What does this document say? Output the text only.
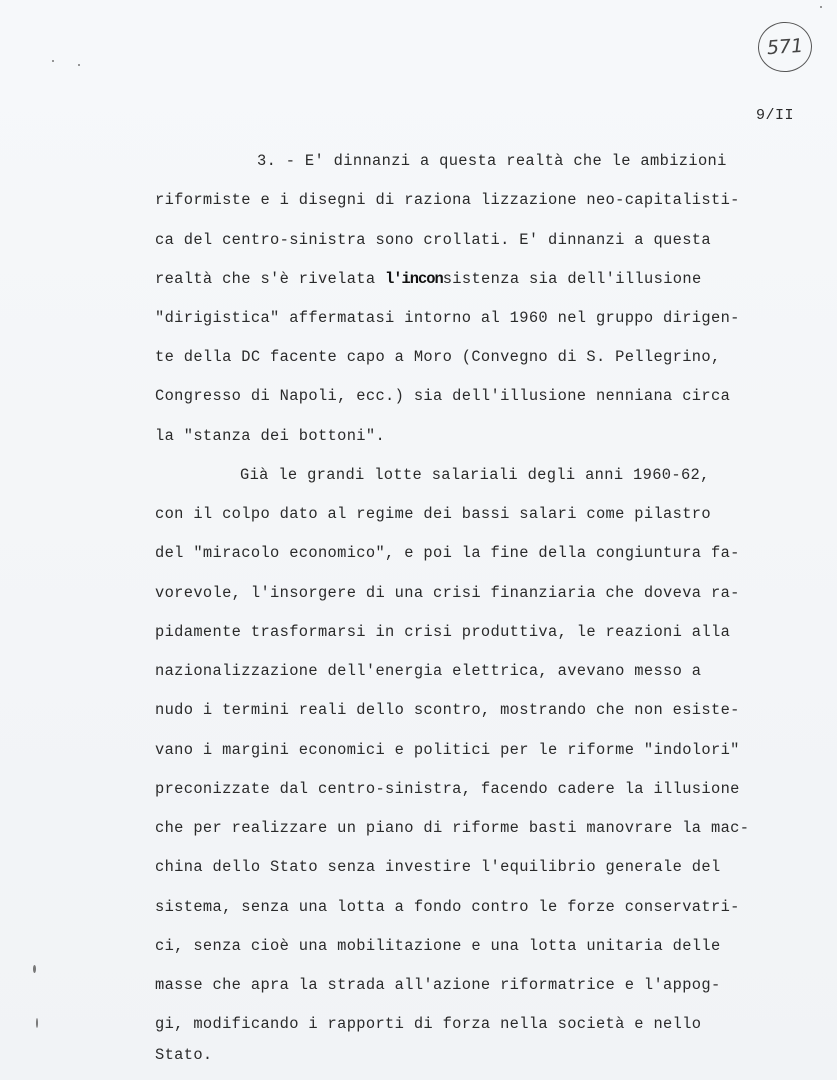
571
9/II
3. - E' dinnanzi a questa realtà che le ambizioni
riformiste e i disegni di raziona lizzazione neo-capitalisti-
ca del centro-sinistra sono crollati. E' dinnanzi a questa
realtà che s'è rivelata l'inconsistenza sia dell'illusione
"dirigistica" affermatasi intorno al 1960 nel gruppo dirigen-
te della DC facente capo a Moro (Convegno di S. Pellegrino,
Congresso di Napoli, ecc.) sia dell'illusione nenniana circa
la "stanza dei bottoni".
Già le grandi lotte salariali degli anni 1960-62,
con il colpo dato al regime dei bassi salari come pilastro
del "miracolo economico", e poi la fine della congiuntura fa-
vorevole, l'insorgere di una crisi finanziaria che doveva ra-
pidamente trasformarsi in crisi produttiva, le reazioni alla
nazionalizzazione dell'energia elettrica, avevano messo a
nudo i termini reali dello scontro, mostrando che non esiste-
vano i margini economici e politici per le riforme "indolori"
preconizzate dal centro-sinistra, facendo cadere la illusione
che per realizzare un piano di riforme basti manovrare la mac-
china dello Stato senza investire l'equilibrio generale del
sistema, senza una lotta a fondo contro le forze conservatri-
ci, senza cioè una mobilitazione e una lotta unitaria delle
masse che apra la strada all'azione riformatrice e l'appog-
gi, modificando i rapporti di forza nella società e nello
Stato.
